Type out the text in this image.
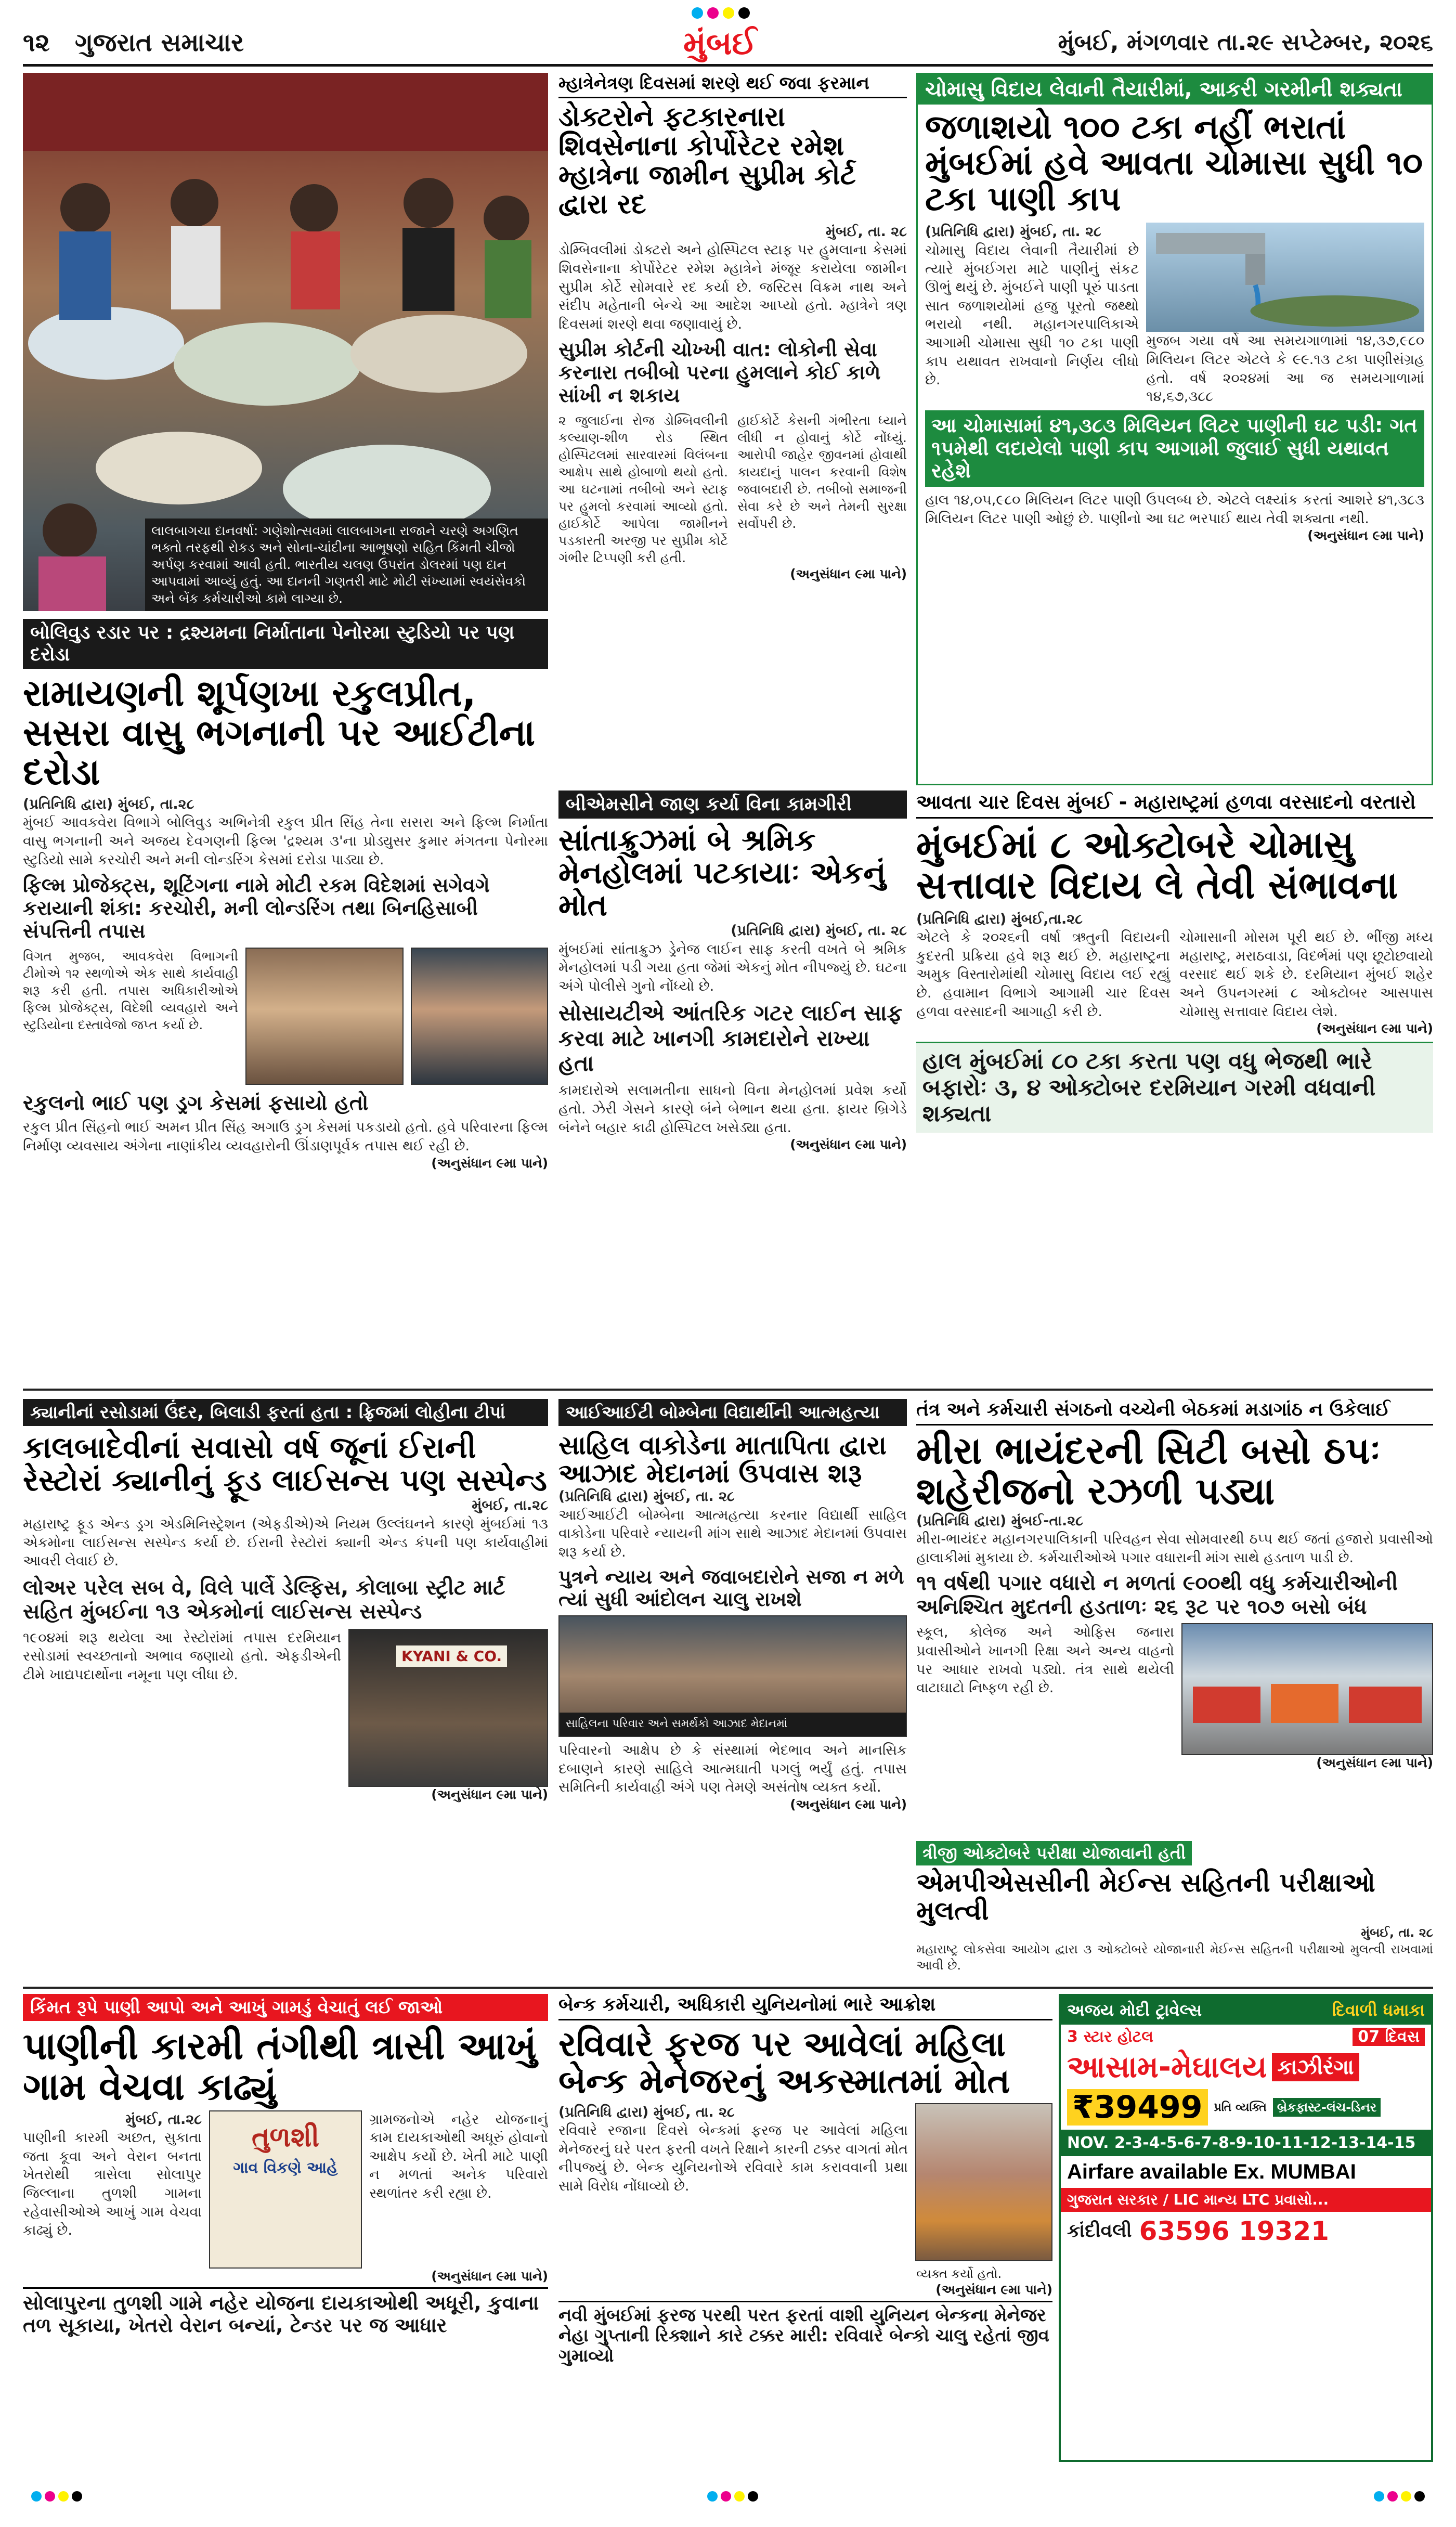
૧૨ ગુજરાત સમાચાર	મુંબઈ	મુંબઈ, મંગળવાર તા.૨૯ સપ્ટેમ્બર, ૨૦૨૬
લાલબાગચા દાનવર્ષા: ગણેશોત્સવમાં લાલબાગના રાજાને ચરણે અગણિત ભક્તો તરફથી રોકડ અને સોના-ચાંદીના આભૂષણો સહિત કિંમતી ચીજો અર્પણ કરવામાં આવી હતી. ભારતીય ચલણ ઉપરાંત ડોલરમાં પણ દાન આપવામાં આવ્યું હતું. આ દાનની ગણતરી માટે મોટી સંખ્યામાં સ્વયંસેવકો અને બેંક કર્મચારીઓ કામે લાગ્યા છે.
મ્હાત્રેનેત્રણ દિવસમાં શરણે થઈ જવા ફરમાન
ડોક્ટરોને ફટકારનારા શિવસેનાના કોર્પોરેટર રમેશ મ્હાત્રેના જામીન સુપ્રીમ કોર્ટ દ્વારા રદ
મુંબઈ, તા. ૨૮
ડોમ્બિવલીમાં ડોક્ટરો અને હોસ્પિટલ સ્ટાફ પર હુમલાના કેસમાં શિવસેનાના કોર્પોરેટર રમેશ મ્હાત્રેને મંજૂર કરાયેલા જામીન સુપ્રીમ કોર્ટે સોમવારે રદ કર્યા છે. જસ્ટિસ વિક્રમ નાથ અને સંદીપ મહેતાની બેન્ચે આ આદેશ આપ્યો હતો. મ્હાત્રેને ત્રણ દિવસમાં શરણે થવા જણાવાયું છે.
સુપ્રીમ કોર્ટની ચોખ્ખી વાત: લોકોની સેવા કરનારા તબીબો પરના હુમલાને કોઈ કાળે સાંખી ન શકાય
૨ જુલાઈના રોજ ડોમ્બિવલીની કલ્યાણ-શીળ રોડ સ્થિત હોસ્પિટલમાં સારવારમાં વિલંબના આક્ષેપ સાથે હોબાળો થયો હતો. આ ઘટનામાં તબીબો અને સ્ટાફ પર હુમલો કરવામાં આવ્યો હતો. હાઈકોર્ટે આપેલા જામીનને પડકારતી અરજી પર સુપ્રીમ કોર્ટે ગંભીર ટિપ્પણી કરી હતી.
હાઈકોર્ટે કેસની ગંભીરતા ધ્યાને લીધી ન હોવાનું કોર્ટે નોંધ્યું. આરોપી જાહેર જીવનમાં હોવાથી કાયદાનું પાલન કરવાની વિશેષ જવાબદારી છે. તબીબો સમાજની સેવા કરે છે અને તેમની સુરક્ષા સર્વોપરી છે.
(અનુસંધાન ૯મા પાને)
ચોમાસુ વિદાય લેવાની તૈયારીમાં, આકરી ગરમીની શક્યતા
જળાશયો ૧૦૦ ટકા નહીં ભરાતાં મુંબઈમાં હવે આવતા ચોમાસા સુધી ૧૦ ટકા પાણી કાપ
(પ્રતિનિધિ દ્વારા) મુંબઈ, તા. ૨૮
ચોમાસુ વિદાય લેવાની તૈયારીમાં છે ત્યારે મુંબઈગરા માટે પાણીનું સંકટ ઊભું થયું છે. મુંબઈને પાણી પૂરું પાડતા સાત જળાશયોમાં હજુ પૂરતો જથ્થો ભરાયો નથી. મહાનગરપાલિકાએ આગામી ચોમાસા સુધી ૧૦ ટકા પાણી કાપ યથાવત રાખવાનો નિર્ણય લીધો છે.
મુજબ ગયા વર્ષે આ સમયગાળામાં ૧૪,૩૭,૯૮૦ મિલિયન લિટર એટલે કે ૯૯.૧૩ ટકા પાણીસંગ્રહ હતો. વર્ષ ૨૦૨૪માં આ જ સમયગાળામાં ૧૪,૬૭,૩૮૮
આ ચોમાસામાં ૪૧,૩૮૩ મિલિયન લિટર પાણીની ઘટ પડી: ગત ૧૫મેથી લદાયેલો પાણી કાપ આગામી જુલાઈ સુધી યથાવત રહેશે
હાલ ૧૪,૦૫,૯૮૦ મિલિયન લિટર પાણી ઉપલબ્ધ છે. એટલે લક્ષ્યાંક કરતાં આશરે ૪૧,૩૮૩ મિલિયન લિટર પાણી ઓછું છે. પાણીનો આ ઘટ ભરપાઈ થાય તેવી શક્યતા નથી.
(અનુસંધાન ૯મા પાને)
બોલિવુડ રડાર પર : દ્રશ્યમના નિર્માતાના પેનોરમા સ્ટુડિયો પર પણ દરોડા
રામાયણની શૂર્પણખા રકુલપ્રીત, સસરા વાસુ ભગનાની પર આઈટીના દરોડા
(પ્રતિનિધિ દ્વારા) મુંબઈ, તા.૨૮
મુંબઈ આવકવેરા વિભાગે બોલિવુડ અભિનેત્રી રકુલ પ્રીત સિંહ તેના સસરા અને ફિલ્મ નિર્માતા વાસુ ભગનાની અને અજય દેવગણની ફિલ્મ 'દ્રશ્યમ ૩'ના પ્રોડ્યુસર કુમાર મંગતના પેનોરમા સ્ટુડિયો સામે કરચોરી અને મની લોન્ડરિંગ કેસમાં દરોડા પાડ્યા છે.
ફિલ્મ પ્રોજેક્ટ્સ, શૂટિંગના નામે મોટી રકમ વિદેશમાં સગેવગે કરાયાની શંકા: કરચોરી, મની લોન્ડરિંગ તથા બિનહિસાબી સંપત્તિની તપાસ
વિગત મુજબ, આવકવેરા વિભાગની ટીમોએ ૧૨ સ્થળોએ એક સાથે કાર્યવાહી શરૂ કરી હતી. તપાસ અધિકારીઓએ ફિલ્મ પ્રોજેક્ટ્સ, વિદેશી વ્યવહારો અને સ્ટુડિયોના દસ્તાવેજો જપ્ત કર્યા છે.
રકુલનો ભાઈ પણ ડ્રગ કેસમાં ફસાયો હતો
રકુલ પ્રીત સિંહનો ભાઈ અમન પ્રીત સિંહ અગાઉ ડ્રગ કેસમાં પકડાયો હતો. હવે પરિવારના ફિલ્મ નિર્માણ વ્યવસાય અંગેના નાણાંકીય વ્યવહારોની ઊંડાણપૂર્વક તપાસ થઈ રહી છે.
(અનુસંધાન ૯મા પાને)
બીએમસીને જાણ કર્યા વિના કામગીરી
સાંતાક્રુઝમાં બે શ્રમિક મેનહોલમાં પટકાયાઃ એકનું મોત
(પ્રતિનિધિ દ્વારા) મુંબઈ, તા. ૨૮
મુંબઈમાં સાંતાક્રુઝ ડ્રેનેજ લાઈન સાફ કરતી વખતે બે શ્રમિક મેનહોલમાં પડી ગયા હતા જેમાં એકનું મોત નીપજ્યું છે. ઘટના અંગે પોલીસે ગુનો નોંધ્યો છે.
સોસાયટીએ આંતરિક ગટર લાઈન સાફ કરવા માટે ખાનગી કામદારોને રાખ્યા હતા
કામદારોએ સલામતીના સાધનો વિના મેનહોલમાં પ્રવેશ કર્યો હતો. ઝેરી ગેસને કારણે બંને બેભાન થયા હતા. ફાયર બ્રિગેડે બંનેને બહાર કાઢી હોસ્પિટલ ખસેડ્યા હતા.
(અનુસંધાન ૯મા પાને)
આવતા ચાર દિવસ મુંબઈ - મહારાષ્ટ્રમાં હળવા વરસાદનો વરતારો
મુંબઈમાં ૮ ઓક્ટોબરે ચોમાસુ સત્તાવાર વિદાય લે તેવી સંભાવના
(પ્રતિનિધિ દ્વારા) મુંબઈ,તા.૨૮
એટલે કે ૨૦૨૬ની વર્ષા ઋતુની વિદાયની કુદરતી પ્રક્રિયા હવે શરૂ થઈ છે. મહારાષ્ટ્રના અમુક વિસ્તારોમાંથી ચોમાસુ વિદાય લઈ રહ્યું છે. હવામાન વિભાગે આગામી ચાર દિવસ હળવા વરસાદની આગાહી કરી છે.
ચોમાસાની મોસમ પૂરી થઈ છે. ભીંજી મધ્ય મહારાષ્ટ્ર, મરાઠવાડા, વિદર્ભમાં પણ છૂટોછવાયો વરસાદ થઈ શકે છે. દરમિયાન મુંબઈ શહેર અને ઉપનગરમાં ૮ ઓક્ટોબર આસપાસ ચોમાસુ સત્તાવાર વિદાય લેશે.
(અનુસંધાન ૯મા પાને)
હાલ મુંબઈમાં ૮૦ ટકા કરતા પણ વધુ ભેજથી ભારે બફારોઃ ૩, ૪ ઓક્ટોબર દરમિયાન ગરમી વધવાની શક્યતા
ક્યાનીનાં રસોડામાં ઉંદર, બિલાડી ફરતાં હતા : ફ્રિજમાં લોહીના ટીપાં
કાલબાદેવીનાં સવાસો વર્ષ જૂનાં ઈરાની રેસ્ટોરાં ક્યાનીનું ફૂડ લાઈસન્સ પણ સસ્પેન્ડ
મુંબઈ, તા.૨૮
મહારાષ્ટ્ર ફૂડ એન્ડ ડ્રગ એડમિનિસ્ટ્રેશન (એફડીએ)એ નિયમ ઉલ્લંઘનને કારણે મુંબઈમાં ૧૩ એકમોના લાઈસન્સ સસ્પેન્ડ કર્યા છે. ઈરાની રેસ્ટોરાં ક્યાની એન્ડ કંપની પણ કાર્યવાહીમાં આવરી લેવાઈ છે.
લોઅર પરેલ સબ વે, વિલે પાર્લે ડેલ્ફિસ, કોલાબા સ્ટ્રીટ માર્ટ સહિત મુંબઈના ૧૩ એકમોનાં લાઈસન્સ સસ્પેન્ડ
૧૯૦૪માં શરૂ થયેલા આ રેસ્ટોરાંમાં તપાસ દરમિયાન રસોડામાં સ્વચ્છતાનો અભાવ જણાયો હતો. એફડીએની ટીમે ખાદ્યપદાર્થોના નમૂના પણ લીધા છે.
KYANI & CO.
(અનુસંધાન ૯મા પાને)
આઈઆઈટી બોમ્બેના વિદ્યાર્થીની આત્મહત્યા
સાહિલ વાકોડેના માતાપિતા દ્વારા આઝાદ મેદાનમાં ઉપવાસ શરૂ
(પ્રતિનિધિ દ્વારા) મુંબઈ, તા. ૨૮
આઈઆઈટી બોમ્બેના આત્મહત્યા કરનાર વિદ્યાર્થી સાહિલ વાકોડેના પરિવારે ન્યાયની માંગ સાથે આઝાદ મેદાનમાં ઉપવાસ શરૂ કર્યા છે.
પુત્રને ન્યાય અને જવાબદારોને સજા ન મળે ત્યાં સુધી આંદોલન ચાલુ રાખશે
સાહિલના પરિવાર અને સમર્થકો આઝાદ મેદાનમાં
પરિવારનો આક્ષેપ છે કે સંસ્થામાં ભેદભાવ અને માનસિક દબાણને કારણે સાહિલે આત્મઘાતી પગલું ભર્યું હતું. તપાસ સમિતિની કાર્યવાહી અંગે પણ તેમણે અસંતોષ વ્યક્ત કર્યો.
(અનુસંધાન ૯મા પાને)
તંત્ર અને કર્મચારી સંગઠનો વચ્ચેની બેઠકમાં મડાગાંઠ ન ઉકેલાઈ
મીરા ભાયંદરની સિટી બસો ઠપઃ શહેરીજનો રઝળી પડ્યા
(પ્રતિનિધિ દ્વારા) મુંબઈ-તા.૨૮
મીરા-ભાયંદર મહાનગરપાલિકાની પરિવહન સેવા સોમવારથી ઠપ્પ થઈ જતાં હજારો પ્રવાસીઓ હાલાકીમાં મુકાયા છે. કર્મચારીઓએ પગાર વધારાની માંગ સાથે હડતાળ પાડી છે.
૧૧ વર્ષથી પગાર વધારો ન મળતાં ૯૦૦થી વધુ કર્મચારીઓની અનિશ્ચિત મુદતની હડતાળઃ ૨૬ રૂટ પર ૧૦૭ બસો બંધ
સ્કૂલ, કોલેજ અને ઓફિસ જનારા પ્રવાસીઓને ખાનગી રિક્ષા અને અન્ય વાહનો પર આધાર રાખવો પડ્યો. તંત્ર સાથે થયેલી વાટાઘાટો નિષ્ફળ રહી છે.
(અનુસંધાન ૯મા પાને)
ત્રીજી ઓક્ટોબરે પરીક્ષા યોજાવાની હતી
એમપીએસસીની મેઈન્સ સહિતની પરીક્ષાઓ મુલત્વી
મુંબઈ, તા. ૨૮
મહારાષ્ટ્ર લોકસેવા આયોગ દ્વારા ૩ ઓક્ટોબરે યોજાનારી મેઈન્સ સહિતની પરીક્ષાઓ મુલત્વી રાખવામાં આવી છે.
કિંમત રૂપે પાણી આપો અને આખું ગામડું વેચાતું લઈ જાઓ
પાણીની કારમી તંગીથી ત્રાસી આખું ગામ વેચવા કાઢ્યું
મુંબઈ, તા.૨૮
પાણીની કારમી અછત, સુકાતા જતા કૂવા અને વેરાન બનતા ખેતરોથી ત્રાસેલા સોલાપુર જિલ્લાના તુળશી ગામના રહેવાસીઓએ આખું ગામ વેચવા કાઢ્યું છે.
તુળશી
ગાવ વિકણે આહે
ગ્રામજનોએ નહેર યોજનાનું કામ દાયકાઓથી અધૂરું હોવાનો આક્ષેપ કર્યો છે. ખેતી માટે પાણી ન મળતાં અનેક પરિવારો સ્થળાંતર કરી રહ્યા છે.
(અનુસંધાન ૯મા પાને)
સોલાપુરના તુળશી ગામે નહેર યોજના દાયકાઓથી અધૂરી, કુવાના તળ સૂકાયા, ખેતરો વેરાન બન્યાં, ટેન્ડર પર જ આધાર
બેન્ક કર્મચારી, અધિકારી યુનિયનોમાં ભારે આક્રોશ
રવિવારે ફરજ પર આવેલાં મહિલા બેન્ક મેનેજરનું અકસ્માતમાં મોત
(પ્રતિનિધિ દ્વારા) મુંબઈ, તા. ૨૮
રવિવારે રજાના દિવસે બેન્કમાં ફરજ પર આવેલાં મહિલા મેનેજરનું ઘરે પરત ફરતી વખતે રિક્ષાને કારની ટક્કર વાગતાં મોત નીપજ્યું છે. બેન્ક યુનિયનોએ રવિવારે કામ કરાવવાની પ્રથા સામે વિરોધ નોંધાવ્યો છે.
વ્યક્ત કર્યો હતો.
(અનુસંધાન ૯મા પાને)
નવી મુંબઈમાં ફરજ પરથી પરત ફરતાં વાશી યુનિયન બેન્કના મેનેજર નેહા ગુપ્તાની રિક્શાને કારે ટક્કર મારી: રવિવારે બેન્કો ચાલુ રહેતાં જીવ ગુમાવ્યો
અજય મોદી ટ્રાવેલ્સ	દિવાળી ધમાકા
3 સ્ટાર હોટલ	07 દિવસ
આસામ-મેઘાલય કાઝીરંગા
₹39499	પ્રતિ વ્યક્તિ બ્રેકફાસ્ટ-લંચ-ડિનર
NOV. 2-3-4-5-6-7-8-9-10-11-12-13-14-15
Airfare available Ex. MUMBAI
ગુજરાત સરકાર / LIC માન્ય LTC પ્રવાસો...
કાંદીવલી 63596 19321
